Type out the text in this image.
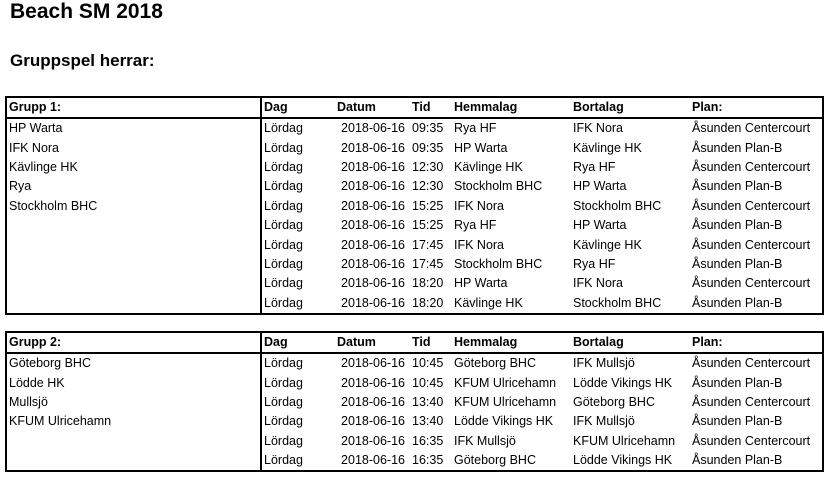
Beach SM 2018
Gruppspel herrar:
Grupp 1:	Dag	Datum	Tid	Hemmalag	Bortalag	Plan:
HP Warta	Lördag	2018-06-16	09:35	Rya HF	IFK Nora	Åsunden Centercourt
IFK Nora	Lördag	2018-06-16	09:35	HP Warta	Kävlinge HK	Åsunden Plan-B
Kävlinge HK	Lördag	2018-06-16	12:30	Kävlinge HK	Rya HF	Åsunden Centercourt
Rya	Lördag	2018-06-16	12:30	Stockholm BHC	HP Warta	Åsunden Plan-B
Stockholm BHC	Lördag	2018-06-16	15:25	IFK Nora	Stockholm BHC	Åsunden Centercourt
	Lördag	2018-06-16	15:25	Rya HF	HP Warta	Åsunden Plan-B
	Lördag	2018-06-16	17:45	IFK Nora	Kävlinge HK	Åsunden Centercourt
	Lördag	2018-06-16	17:45	Stockholm BHC	Rya HF	Åsunden Plan-B
	Lördag	2018-06-16	18:20	HP Warta	IFK Nora	Åsunden Centercourt
	Lördag	2018-06-16	18:20	Kävlinge HK	Stockholm BHC	Åsunden Plan-B
Grupp 2:	Dag	Datum	Tid	Hemmalag	Bortalag	Plan:
Göteborg BHC	Lördag	2018-06-16	10:45	Göteborg BHC	IFK Mullsjö	Åsunden Centercourt
Lödde HK	Lördag	2018-06-16	10:45	KFUM Ulricehamn	Lödde Vikings HK	Åsunden Plan-B
Mullsjö	Lördag	2018-06-16	13:40	KFUM Ulricehamn	Göteborg BHC	Åsunden Centercourt
KFUM Ulricehamn	Lördag	2018-06-16	13:40	Lödde Vikings HK	IFK Mullsjö	Åsunden Plan-B
	Lördag	2018-06-16	16:35	IFK Mullsjö	KFUM Ulricehamn	Åsunden Centercourt
	Lördag	2018-06-16	16:35	Göteborg BHC	Lödde Vikings HK	Åsunden Plan-B
